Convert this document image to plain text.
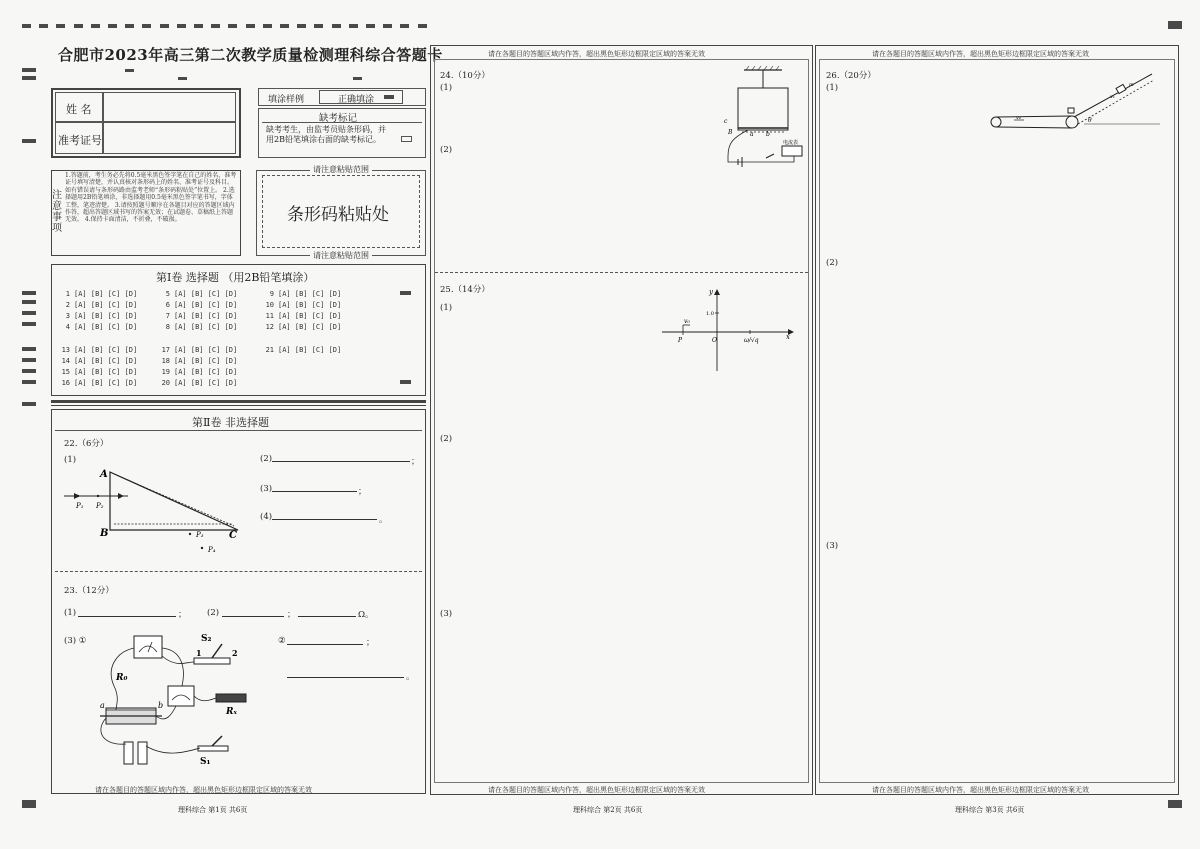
合肥市2023年高三第二次教学质量检测理科综合答题卡
姓 名
准考证号
填涂样例	正确填涂
缺考标记
缺考考生，由监考员贴条形码，并用2B铅笔填涂右面的缺考标记。
注意事项
1.答题前，考生务必先将0.5毫米黑色签字笔在自己的姓名、准考证号填写清楚，并认真核对条形码上的姓名、准考证号及科目。如有错误请与条形码路由监考老师“条形码粘贴处”位置上。 2.选择题用2B铅笔填涂，非选择题用0.5毫米黑色签字笔书写，字体工整，笔迹清楚。 3.请按照题号顺序在各题目对应的答题区域内作答，超出答题区域书写的答案无效；在试题卷、草稿纸上答题无效。 4.保持卡面清洁，不折叠，不破损。
请注意粘贴范围
条形码粘贴处
请注意粘贴范围
第Ⅰ卷 选择题 （用2B铅笔填涂）
1 [A] [B] [C] [D]
2 [A] [B] [C] [D]
3 [A] [B] [C] [D]
4 [A] [B] [C] [D]
5 [A] [B] [C] [D]
6 [A] [B] [C] [D]
7 [A] [B] [C] [D]
8 [A] [B] [C] [D]
9 [A] [B] [C] [D]
10 [A] [B] [C] [D]
11 [A] [B] [C] [D]
12 [A] [B] [C] [D]
13 [A] [B] [C] [D]
14 [A] [B] [C] [D]
15 [A] [B] [C] [D]
16 [A] [B] [C] [D]
17 [A] [B] [C] [D]
18 [A] [B] [C] [D]
19 [A] [B] [C] [D]
20 [A] [B] [C] [D]
21 [A] [B] [C] [D]
第Ⅱ卷 非选择题
22.（6分）
(1)
A
B	C
P₁ P₂
P₃
P₄
(2)	；
(3)	；
(4)	。
23.（12分）
(1)	； (2)	；	Ω。
(3) ①	②	；
。
S₂
1	2
R₀
Rₓ
S₁
a	b
请在各题目的答题区域内作答，超出黑色矩形边框限定区域的答案无效
理科综合 第1页 共6页
请在各题目的答题区域内作答，超出黑色矩形边框限定区域的答案无效
24.（10分）
(1)
(2)
c
B	a b
电流表
25.（14分）
(1)
(2)
(3)
y
x
v₀
P	O
1.0
ω/√q
请在各题目的答题区域内作答，超出黑色矩形边框限定区域的答案无效
理科综合 第2页 共6页
请在各题目的答题区域内作答，超出黑色矩形边框限定区域的答案无效
26.（20分）
(1)
(2)
(3)
v₀
v₁
θ
m
请在各题目的答题区域内作答，超出黑色矩形边框限定区域的答案无效
理科综合 第3页 共6页
